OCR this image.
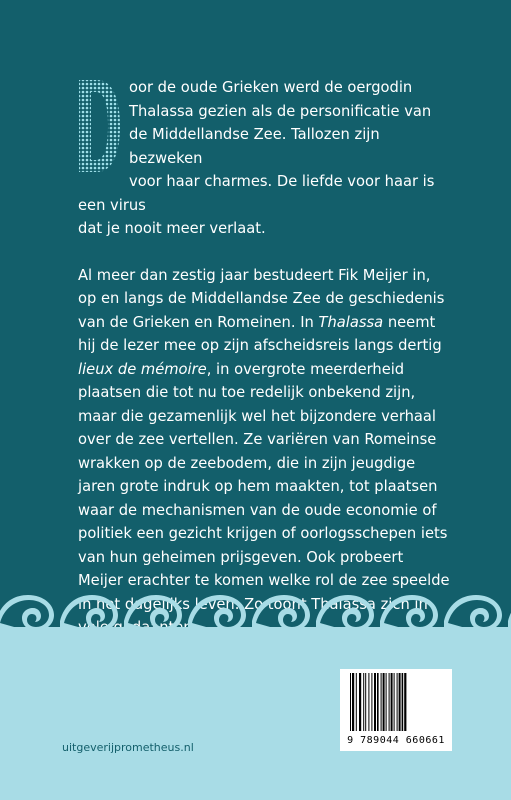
oor de oude Grieken werd de oergodin
Thalassa gezien als de personificatie van
de Middellandse Zee. Tallozen zijn bezweken
voor haar charmes. De liefde voor haar is een virus
dat je nooit meer verlaat.
Al meer dan zestig jaar bestudeert Fik Meijer in, op en langs de Middellandse Zee de geschiedenis van de Grieken en Romeinen. In Thalassa neemt hij de lezer mee op zijn afscheidsreis langs dertig lieux de mémoire, in overgrote meerderheid plaatsen die tot nu toe redelijk onbekend zijn, maar die gezamenlijk wel het bijzondere verhaal over de zee vertellen. Ze variëren van Romeinse wrakken op de zeebodem, die in zijn jeugdige jaren grote indruk op hem maakten, tot plaatsen waar de mechanismen van de oude economie of politiek een gezicht krijgen of oorlogsschepen iets van hun geheimen prijsgeven. Ook probeert Meijer erachter te komen welke rol de zee speelde in dagelijks leven. Zo toont Thalassa in
uitgeverijprometheus.nl
9 789044 660661
